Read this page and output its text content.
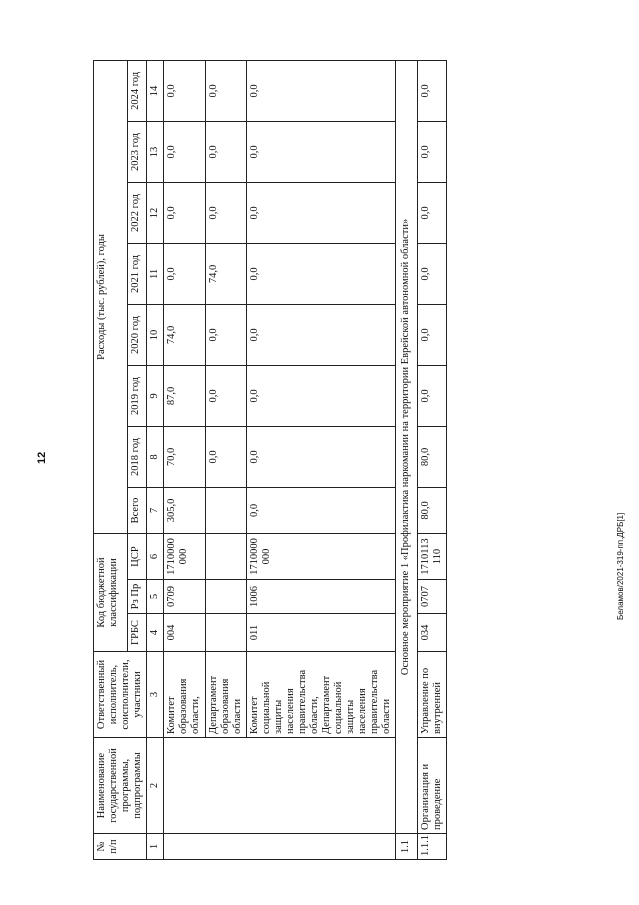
12
Беламов/2021-319-пп.ДРБ[1]
№
п/п	Наименование государственной программы, подпрограммы	Ответственный исполнитель, соисполнители, участники	Код бюджетной классификации			Расходы (тыс. рублей), годы							
			ГРБС	Рз Пр	ЦСР	Всего	2018 год	2019 год	2020 год	2021 год	2022 год	2023 год	2024 год
1	2	3	4	5	6	7	8	9	10	11	12	13	14
		Комитет образования области,	004	0709	1710000000	305,0	70,0	87,0	74,0	0,0	0,0	0,0	0,0
		Департамент образования области					0,0	0,0	0,0	74,0	0,0	0,0	0,0
		Комитет социальной защиты населения правительства области, Департамент социальной защиты населения правительства области	011	1006	1710000000	0,0	0,0	0,0	0,0	0,0	0,0	0,0	0,0
1.1	Основное мероприятие 1 «Профилактика наркомании на территории Еврейской автономной области»												
1.1.1	Организация и проведение	Управление по внутренней	034	0707	1710113110	80,0	80,0	0,0	0,0	0,0	0,0	0,0	0,0
